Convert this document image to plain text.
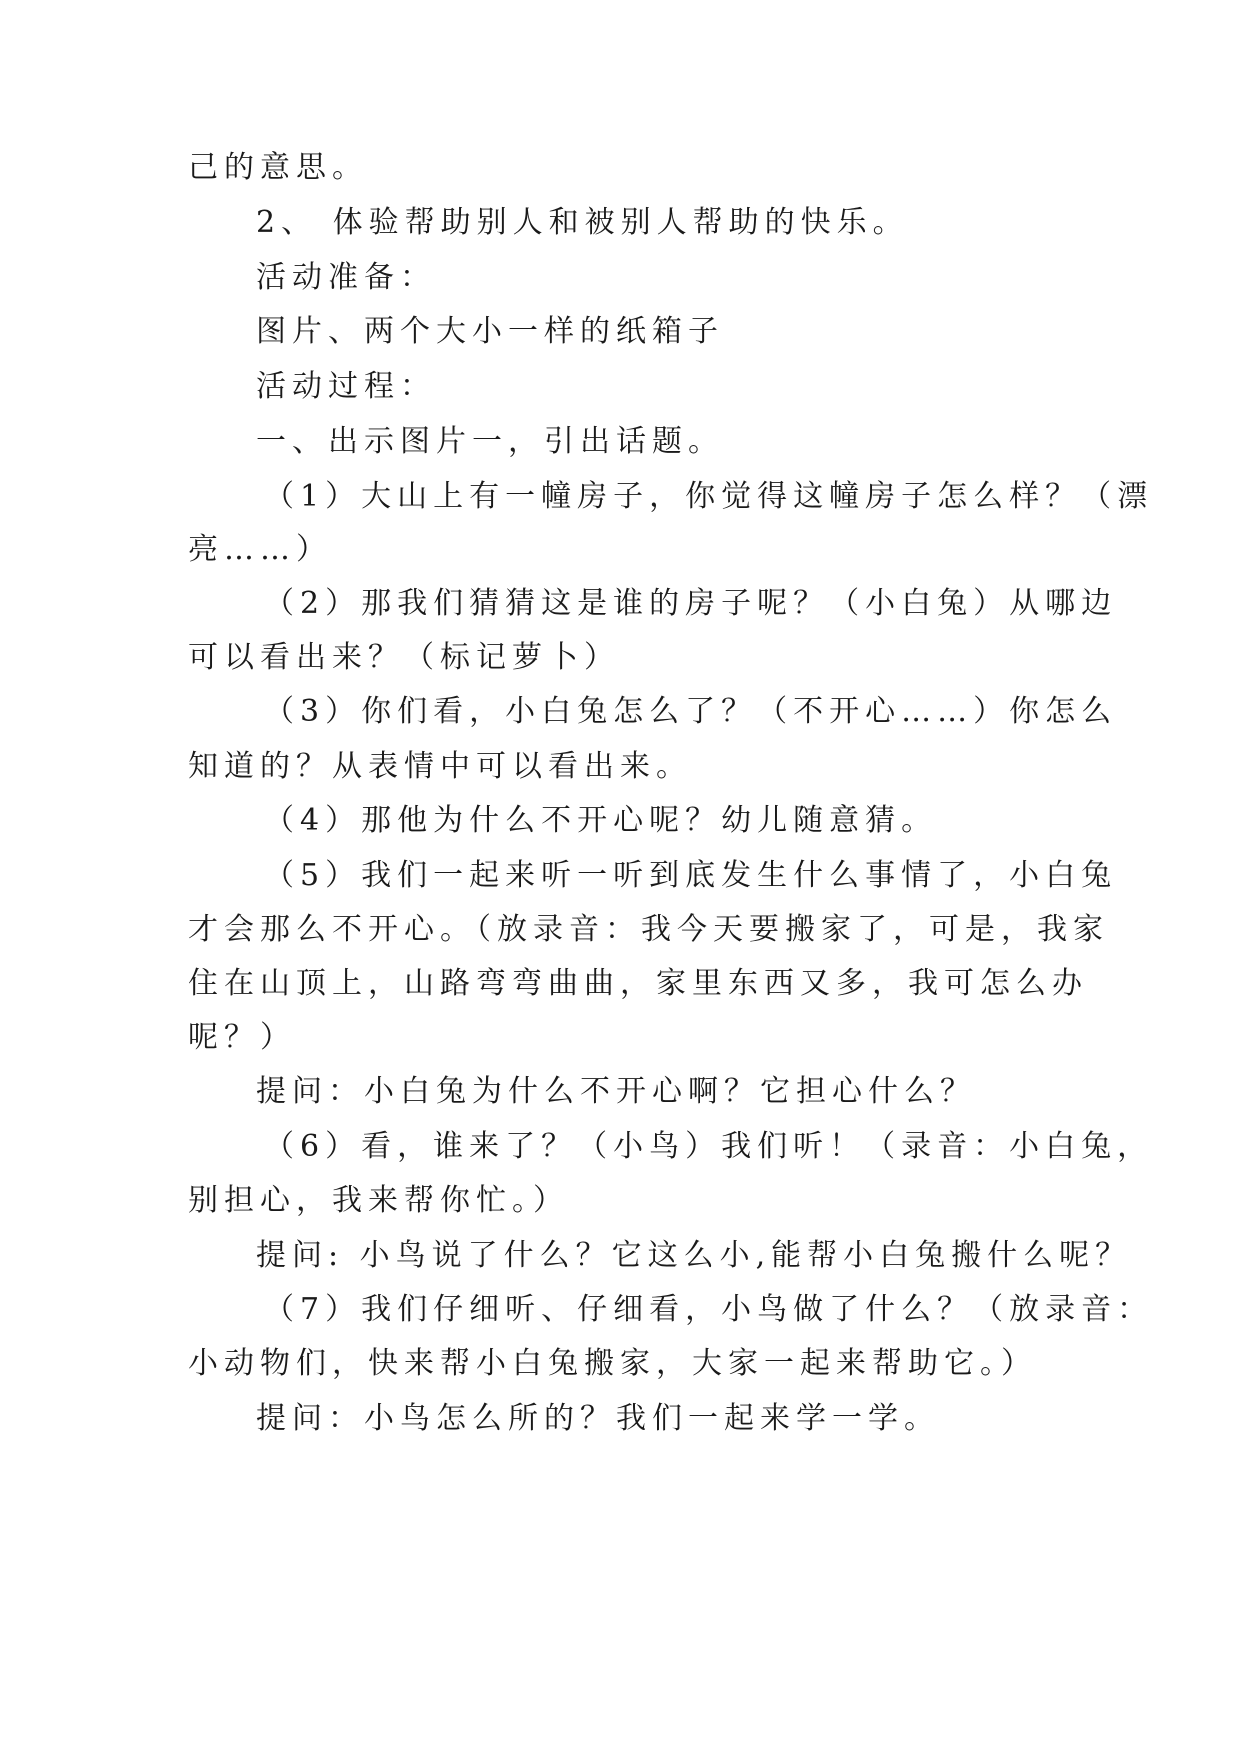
己的意思。

2、 体验帮助别人和被别人帮助的快乐。

活动准备：

图片、两个大小一样的纸箱子

活动过程：

一、出示图片一，引出话题。

（1）大山上有一幢房子，你觉得这幢房子怎么样？（漂

亮……）

（2）那我们猜猜这是谁的房子呢？（小白兔）从哪边

可以看出来？（标记萝卜）

（3）你们看，小白兔怎么了？（不开心……）你怎么

知道的？从表情中可以看出来。

（4）那他为什么不开心呢？幼儿随意猜。

（5）我们一起来听一听到底发生什么事情了，小白兔

才会那么不开心。（放录音：我今天要搬家了，可是，我家

住在山顶上，山路弯弯曲曲，家里东西又多，我可怎么办

呢？）

提问：小白兔为什么不开心啊？它担心什么？

（6）看，谁来了？（小鸟）我们听！（录音：小白兔，

别担心，我来帮你忙。）

提问: 小鸟说了什么？它这么小,能帮小白兔搬什么呢？

（7）我们仔细听、仔细看，小鸟做了什么？（放录音：

小动物们，快来帮小白兔搬家，大家一起来帮助它。）

提问：小鸟怎么所的？我们一起来学一学。
